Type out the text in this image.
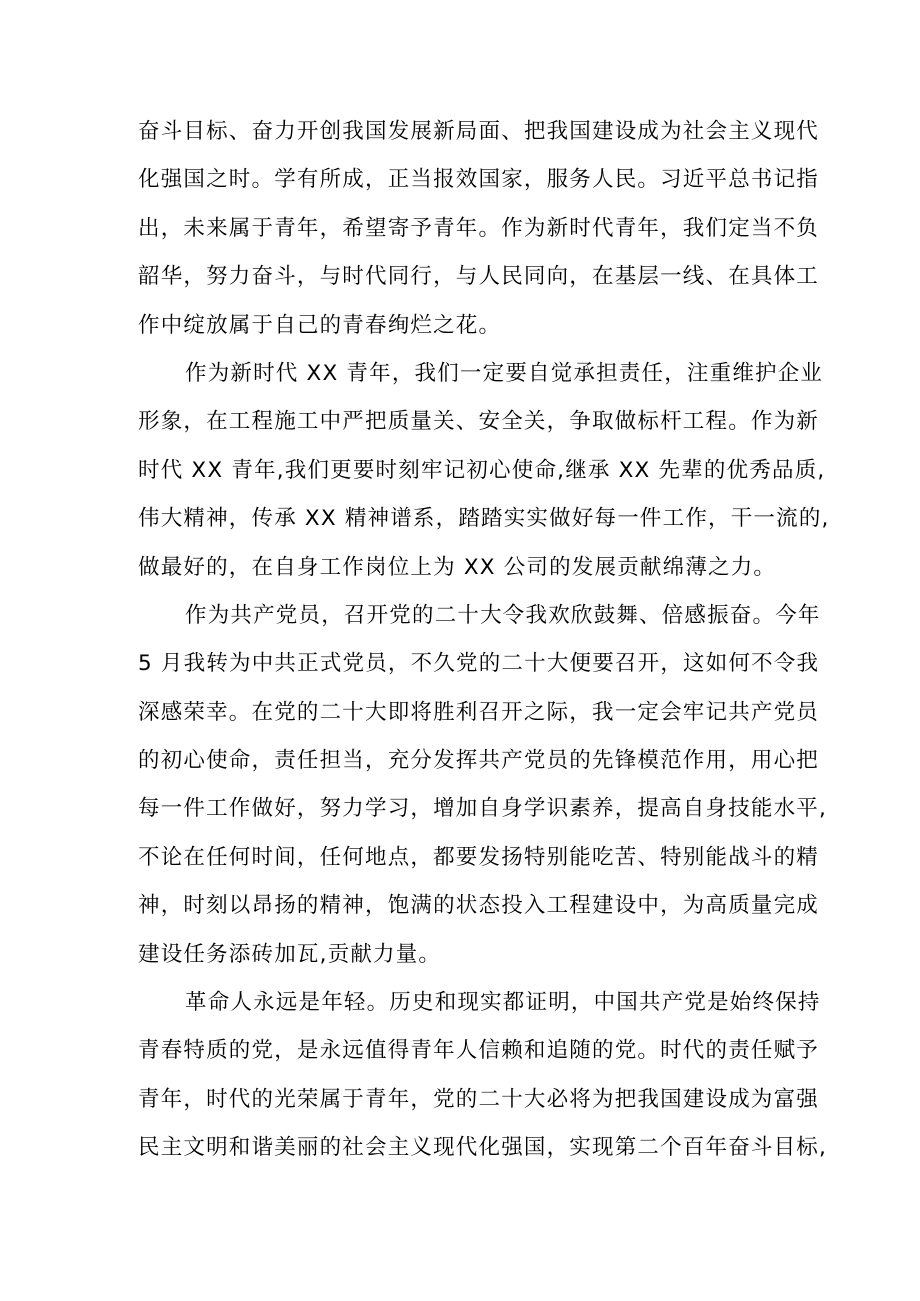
奋斗目标、奋力开创我国发展新局面、把我国建设成为社会主义现代
化强国之时。学有所成，正当报效国家，服务人民。习近平总书记指
出，未来属于青年，希望寄予青年。作为新时代青年，我们定当不负
韶华，努力奋斗，与时代同行，与人民同向，在基层一线、在具体工
作中绽放属于自己的青春绚烂之花。
作为新时代 XX 青年，我们一定要自觉承担责任，注重维护企业
形象，在工程施工中严把质量关、安全关，争取做标杆工程。作为新
时代 XX 青年,我们更要时刻牢记初心使命,继承 XX 先辈的优秀品质,
伟大精神，传承 XX 精神谱系，踏踏实实做好每一件工作，干一流的,
做最好的，在自身工作岗位上为 XX 公司的发展贡献绵薄之力。
作为共产党员，召开党的二十大令我欢欣鼓舞、倍感振奋。今年
5 月我转为中共正式党员，不久党的二十大便要召开，这如何不令我
深感荣幸。在党的二十大即将胜利召开之际，我一定会牢记共产党员
的初心使命，责任担当，充分发挥共产党员的先锋模范作用，用心把
每一件工作做好，努力学习，增加自身学识素养，提高自身技能水平,
不论在任何时间，任何地点，都要发扬特别能吃苦、特别能战斗的精
神，时刻以昂扬的精神，饱满的状态投入工程建设中，为高质量完成
建设任务添砖加瓦,贡献力量。
革命人永远是年轻。历史和现实都证明，中国共产党是始终保持
青春特质的党，是永远值得青年人信赖和追随的党。时代的责任赋予
青年，时代的光荣属于青年，党的二十大必将为把我国建设成为富强
民主文明和谐美丽的社会主义现代化强国，实现第二个百年奋斗目标,
